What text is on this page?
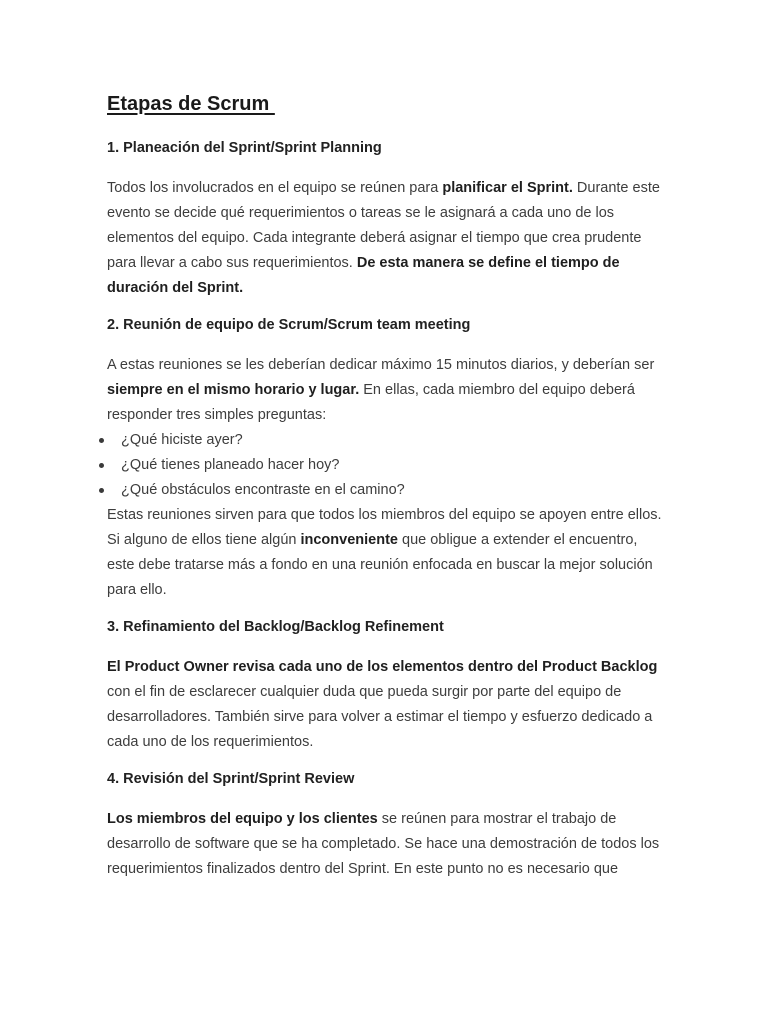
Etapas de Scrum
1. Planeación del Sprint/Sprint Planning

Todos los involucrados en el equipo se reúnen para planificar el Sprint. Durante este evento se decide qué requerimientos o tareas se le asignará a cada uno de los elementos del equipo. Cada integrante deberá asignar el tiempo que crea prudente para llevar a cabo sus requerimientos. De esta manera se define el tiempo de duración del Sprint.

2. Reunión de equipo de Scrum/Scrum team meeting

A estas reuniones se les deberían dedicar máximo 15 minutos diarios, y deberían ser siempre en el mismo horario y lugar. En ellas, cada miembro del equipo deberá responder tres simples preguntas:

¿Qué hiciste ayer?
¿Qué tienes planeado hacer hoy?
¿Qué obstáculos encontraste en el camino?

Estas reuniones sirven para que todos los miembros del equipo se apoyen entre ellos. Si alguno de ellos tiene algún inconveniente que obligue a extender el encuentro, este debe tratarse más a fondo en una reunión enfocada en buscar la mejor solución para ello.

3. Refinamiento del Backlog/Backlog Refinement

El Product Owner revisa cada uno de los elementos dentro del Product Backlog con el fin de esclarecer cualquier duda que pueda surgir por parte del equipo de desarrolladores. También sirve para volver a estimar el tiempo y esfuerzo dedicado a cada uno de los requerimientos.

4. Revisión del Sprint/Sprint Review

Los miembros del equipo y los clientes se reúnen para mostrar el trabajo de desarrollo de software que se ha completado. Se hace una demostración de todos los requerimientos finalizados dentro del Sprint. En este punto no es necesario que
